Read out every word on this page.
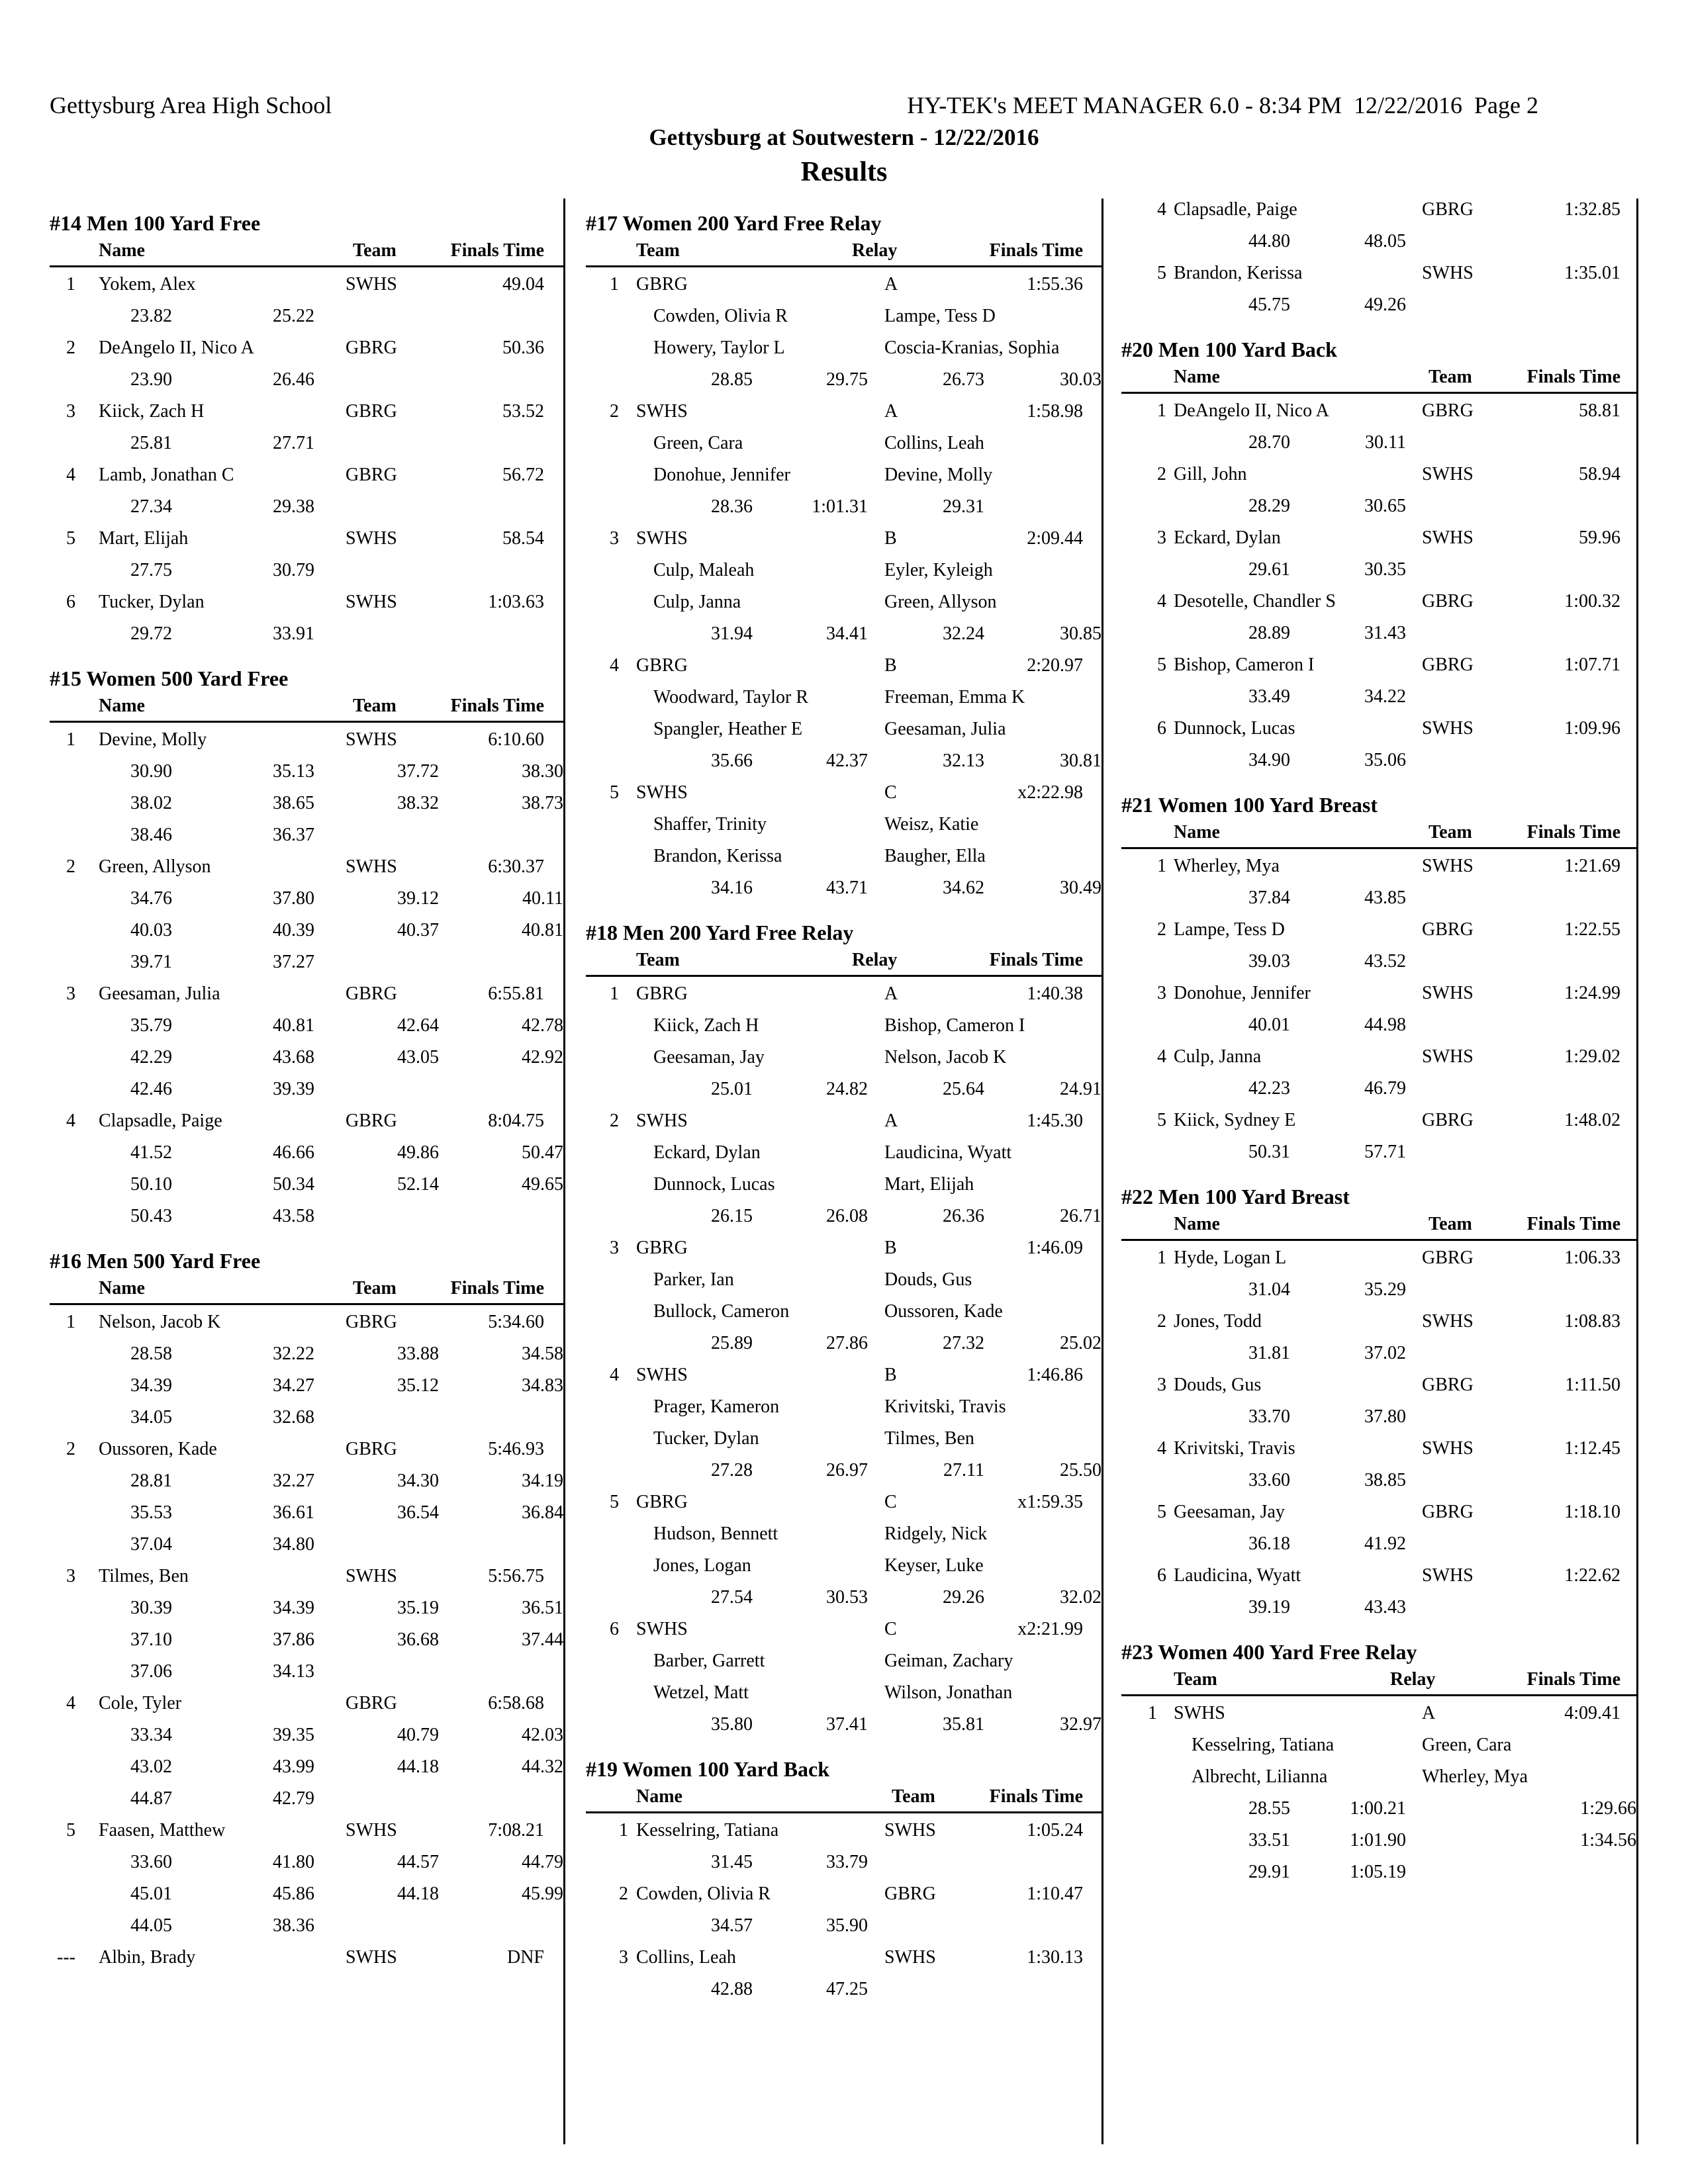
Gettysburg Area High School	HY-TEK's MEET MANAGER 6.0 - 8:34 PM  12/22/2016  Page 2
Gettysburg at Soutwestern - 12/22/2016
Results
#14 Men 100 Yard Free
Name	Team	Finals Time
1 Yokem, Alex	SWHS	49.04
23.82	25.22
2 DeAngelo II, Nico A	GBRG	50.36
23.90	26.46
3 Kiick, Zach H	GBRG	53.52
25.81	27.71
4 Lamb, Jonathan C	GBRG	56.72
27.34	29.38
5 Mart, Elijah	SWHS	58.54
27.75	30.79
6 Tucker, Dylan	SWHS	1:03.63
29.72	33.91
#15 Women 500 Yard Free
Name	Team	Finals Time
1 Devine, Molly	SWHS	6:10.60
30.90	35.13	37.72	38.30
38.02	38.65	38.32	38.73
38.46	36.37
2 Green, Allyson	SWHS	6:30.37
34.76	37.80	39.12	40.11
40.03	40.39	40.37	40.81
39.71	37.27
3 Geesaman, Julia	GBRG	6:55.81
35.79	40.81	42.64	42.78
42.29	43.68	43.05	42.92
42.46	39.39
4 Clapsadle, Paige	GBRG	8:04.75
41.52	46.66	49.86	50.47
50.10	50.34	52.14	49.65
50.43	43.58
#16 Men 500 Yard Free
Name	Team	Finals Time
1 Nelson, Jacob K	GBRG	5:34.60
28.58	32.22	33.88	34.58
34.39	34.27	35.12	34.83
34.05	32.68
2 Oussoren, Kade	GBRG	5:46.93
28.81	32.27	34.30	34.19
35.53	36.61	36.54	36.84
37.04	34.80
3 Tilmes, Ben	SWHS	5:56.75
30.39	34.39	35.19	36.51
37.10	37.86	36.68	37.44
37.06	34.13
4 Cole, Tyler	GBRG	6:58.68
33.34	39.35	40.79	42.03
43.02	43.99	44.18	44.32
44.87	42.79
5 Faasen, Matthew	SWHS	7:08.21
33.60	41.80	44.57	44.79
45.01	45.86	44.18	45.99
44.05	38.36
--- Albin, Brady	SWHS	DNF
#17 Women 200 Yard Free Relay
Team	Relay	Finals Time
1 GBRG	A	1:55.36
Cowden, Olivia R	Lampe, Tess D
Howery, Taylor L	Coscia-Kranias, Sophia
28.85	29.75	26.73	30.03
2 SWHS	A	1:58.98
Green, Cara	Collins, Leah
Donohue, Jennifer	Devine, Molly
28.36	1:01.31	29.31
3 SWHS	B	2:09.44
Culp, Maleah	Eyler, Kyleigh
Culp, Janna	Green, Allyson
31.94	34.41	32.24	30.85
4 GBRG	B	2:20.97
Woodward, Taylor R	Freeman, Emma K
Spangler, Heather E	Geesaman, Julia
35.66	42.37	32.13	30.81
5 SWHS	C	x2:22.98
Shaffer, Trinity	Weisz, Katie
Brandon, Kerissa	Baugher, Ella
34.16	43.71	34.62	30.49
#18 Men 200 Yard Free Relay
Team	Relay	Finals Time
1 GBRG	A	1:40.38
Kiick, Zach H	Bishop, Cameron I
Geesaman, Jay	Nelson, Jacob K
25.01	24.82	25.64	24.91
2 SWHS	A	1:45.30
Eckard, Dylan	Laudicina, Wyatt
Dunnock, Lucas	Mart, Elijah
26.15	26.08	26.36	26.71
3 GBRG	B	1:46.09
Parker, Ian	Douds, Gus
Bullock, Cameron	Oussoren, Kade
25.89	27.86	27.32	25.02
4 SWHS	B	1:46.86
Prager, Kameron	Krivitski, Travis
Tucker, Dylan	Tilmes, Ben
27.28	26.97	27.11	25.50
5 GBRG	C	x1:59.35
Hudson, Bennett	Ridgely, Nick
Jones, Logan	Keyser, Luke
27.54	30.53	29.26	32.02
6 SWHS	C	x2:21.99
Barber, Garrett	Geiman, Zachary
Wetzel, Matt	Wilson, Jonathan
35.80	37.41	35.81	32.97
#19 Women 100 Yard Back
Name	Team	Finals Time
1 Kesselring, Tatiana	SWHS	1:05.24
31.45	33.79
2 Cowden, Olivia R	GBRG	1:10.47
34.57	35.90
3 Collins, Leah	SWHS	1:30.13
42.88	47.25
4 Clapsadle, Paige	GBRG	1:32.85
44.80	48.05
5 Brandon, Kerissa	SWHS	1:35.01
45.75	49.26
#20 Men 100 Yard Back
Name	Team	Finals Time
1 DeAngelo II, Nico A	GBRG	58.81
28.70	30.11
2 Gill, John	SWHS	58.94
28.29	30.65
3 Eckard, Dylan	SWHS	59.96
29.61	30.35
4 Desotelle, Chandler S	GBRG	1:00.32
28.89	31.43
5 Bishop, Cameron I	GBRG	1:07.71
33.49	34.22
6 Dunnock, Lucas	SWHS	1:09.96
34.90	35.06
#21 Women 100 Yard Breast
Name	Team	Finals Time
1 Wherley, Mya	SWHS	1:21.69
37.84	43.85
2 Lampe, Tess D	GBRG	1:22.55
39.03	43.52
3 Donohue, Jennifer	SWHS	1:24.99
40.01	44.98
4 Culp, Janna	SWHS	1:29.02
42.23	46.79
5 Kiick, Sydney E	GBRG	1:48.02
50.31	57.71
#22 Men 100 Yard Breast
Name	Team	Finals Time
1 Hyde, Logan L	GBRG	1:06.33
31.04	35.29
2 Jones, Todd	SWHS	1:08.83
31.81	37.02
3 Douds, Gus	GBRG	1:11.50
33.70	37.80
4 Krivitski, Travis	SWHS	1:12.45
33.60	38.85
5 Geesaman, Jay	GBRG	1:18.10
36.18	41.92
6 Laudicina, Wyatt	SWHS	1:22.62
39.19	43.43
#23 Women 400 Yard Free Relay
Team	Relay	Finals Time
1 SWHS	A	4:09.41
Kesselring, Tatiana	Green, Cara
Albrecht, Lilianna	Wherley, Mya
28.55	1:00.21	1:29.66
33.51	1:01.90	1:34.56
29.91	1:05.19
